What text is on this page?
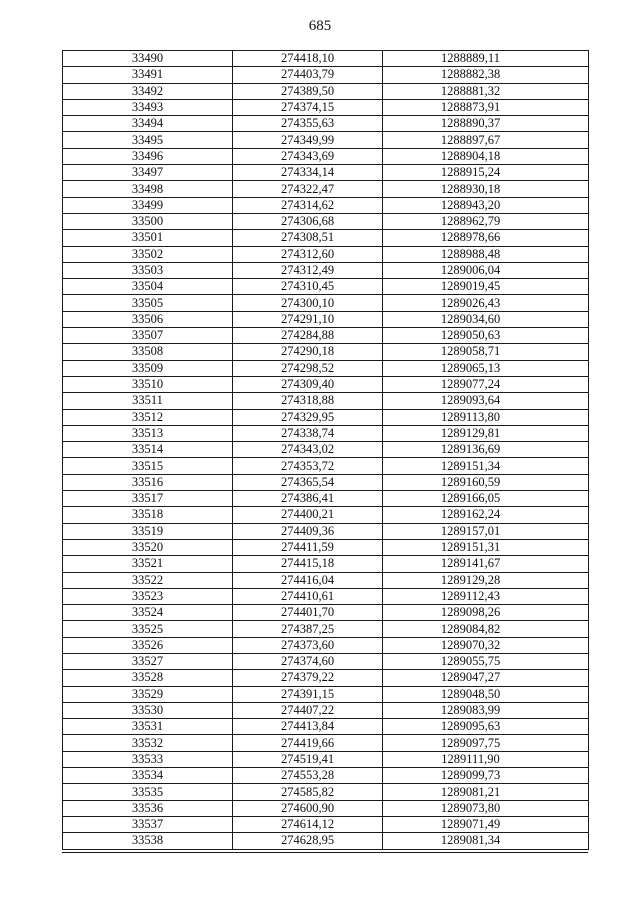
685
33490	274418,10	1288889,11
33491	274403,79	1288882,38
33492	274389,50	1288881,32
33493	274374,15	1288873,91
33494	274355,63	1288890,37
33495	274349,99	1288897,67
33496	274343,69	1288904,18
33497	274334,14	1288915,24
33498	274322,47	1288930,18
33499	274314,62	1288943,20
33500	274306,68	1288962,79
33501	274308,51	1288978,66
33502	274312,60	1288988,48
33503	274312,49	1289006,04
33504	274310,45	1289019,45
33505	274300,10	1289026,43
33506	274291,10	1289034,60
33507	274284,88	1289050,63
33508	274290,18	1289058,71
33509	274298,52	1289065,13
33510	274309,40	1289077,24
33511	274318,88	1289093,64
33512	274329,95	1289113,80
33513	274338,74	1289129,81
33514	274343,02	1289136,69
33515	274353,72	1289151,34
33516	274365,54	1289160,59
33517	274386,41	1289166,05
33518	274400,21	1289162,24
33519	274409,36	1289157,01
33520	274411,59	1289151,31
33521	274415,18	1289141,67
33522	274416,04	1289129,28
33523	274410,61	1289112,43
33524	274401,70	1289098,26
33525	274387,25	1289084,82
33526	274373,60	1289070,32
33527	274374,60	1289055,75
33528	274379,22	1289047,27
33529	274391,15	1289048,50
33530	274407,22	1289083,99
33531	274413,84	1289095,63
33532	274419,66	1289097,75
33533	274519,41	1289111,90
33534	274553,28	1289099,73
33535	274585,82	1289081,21
33536	274600,90	1289073,80
33537	274614,12	1289071,49
33538	274628,95	1289081,34
